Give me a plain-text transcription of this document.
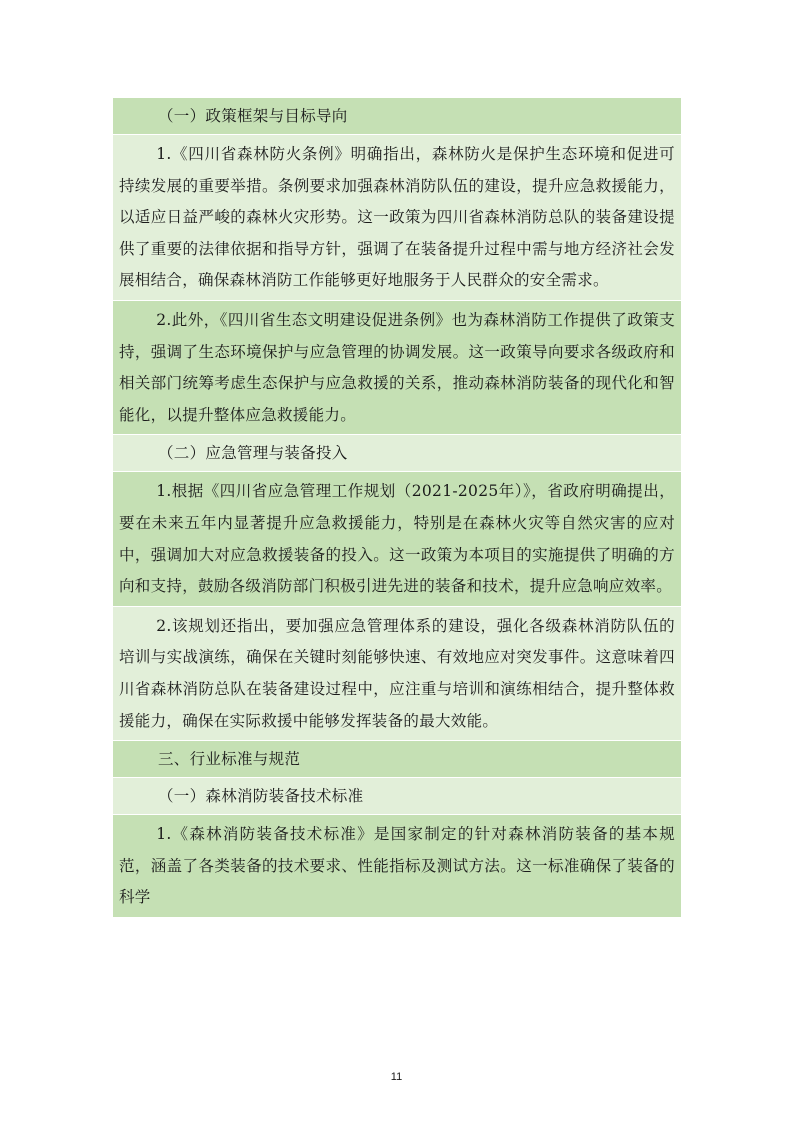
（一）政策框架与目标导向
1.《四川省森林防火条例》明确指出，森林防火是保护生态环境和促进可持续发展的重要举措。条例要求加强森林消防队伍的建设，提升应急救援能力，以适应日益严峻的森林火灾形势。这一政策为四川省森林消防总队的装备建设提供了重要的法律依据和指导方针，强调了在装备提升过程中需与地方经济社会发展相结合，确保森林消防工作能够更好地服务于人民群众的安全需求。
2.此外，《四川省生态文明建设促进条例》也为森林消防工作提供了政策支持，强调了生态环境保护与应急管理的协调发展。这一政策导向要求各级政府和相关部门统筹考虑生态保护与应急救援的关系，推动森林消防装备的现代化和智能化，以提升整体应急救援能力。
（二）应急管理与装备投入
1.根据《四川省应急管理工作规划（2021-2025年）》，省政府明确提出，要在未来五年内显著提升应急救援能力，特别是在森林火灾等自然灾害的应对中，强调加大对应急救援装备的投入。这一政策为本项目的实施提供了明确的方向和支持，鼓励各级消防部门积极引进先进的装备和技术，提升应急响应效率。
2.该规划还指出，要加强应急管理体系的建设，强化各级森林消防队伍的培训与实战演练，确保在关键时刻能够快速、有效地应对突发事件。这意味着四川省森林消防总队在装备建设过程中，应注重与培训和演练相结合，提升整体救援能力，确保在实际救援中能够发挥装备的最大效能。
三、行业标准与规范
（一）森林消防装备技术标准
1.《森林消防装备技术标准》是国家制定的针对森林消防装备的基本规范，涵盖了各类装备的技术要求、性能指标及测试方法。这一标准确保了装备的科学
11
